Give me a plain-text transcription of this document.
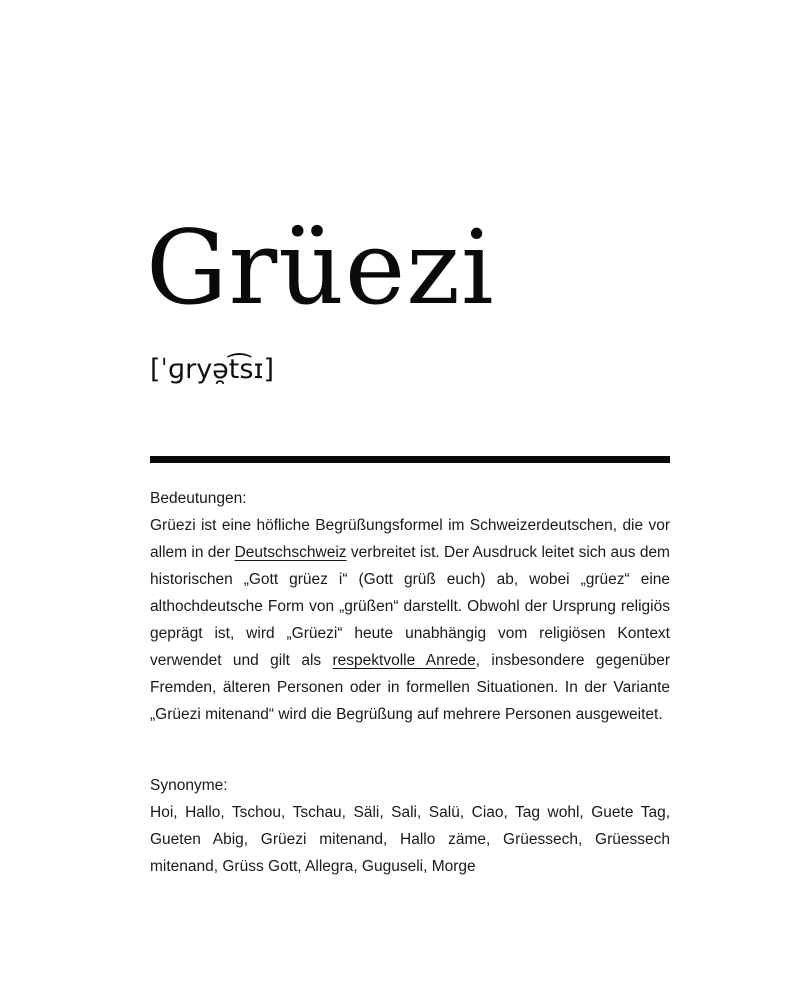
Grüezi
[ˈɡryə̯t͡sɪ]
Bedeutungen:
Grüezi ist eine höfliche Begrüßungsformel im Schweizerdeutschen, die vor allem in der Deutschschweiz verbreitet ist. Der Ausdruck leitet sich aus dem historischen „Gott grüez i“ (Gott grüß euch) ab, wobei „grüez“ eine althochdeutsche Form von „grüßen“ darstellt. Obwohl der Ursprung religiös geprägt ist, wird „Grüezi“ heute unabhängig vom religiösen Kontext verwendet und gilt als respektvolle Anrede, insbesondere gegenüber Fremden, älteren Personen oder in formellen Situationen. In der Variante „Grüezi mitenand“ wird die Begrüßung auf mehrere Personen ausgeweitet.
Synonyme:
Hoi, Hallo, Tschou, Tschau, Säli, Sali, Salü, Ciao, Tag wohl, Guete Tag, Gueten Abig, Grüezi mitenand, Hallo zäme, Grüessech, Grüessech mitenand, Grüss Gott, Allegra, Guguseli, Morge
